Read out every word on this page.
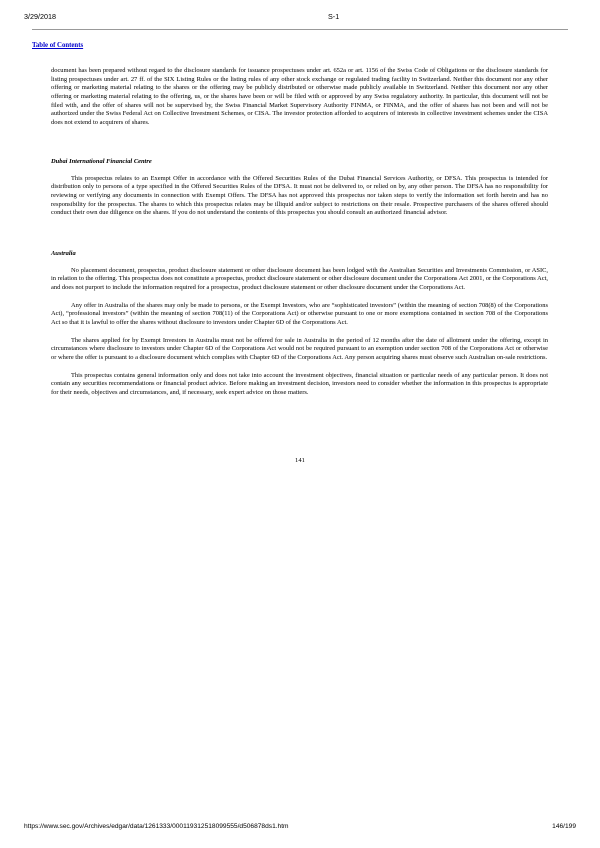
3/29/2018	S-1
Table of Contents

document has been prepared without regard to the disclosure standards for issuance prospectuses under art. 652a or art. 1156 of the Swiss Code of Obligations or the disclosure standards for listing prospectuses under art. 27 ff. of the SIX Listing Rules or the listing rules of any other stock exchange or regulated trading facility in Switzerland. Neither this document nor any other offering or marketing material relating to the shares or the offering may be publicly distributed or otherwise made publicly available in Switzerland. Neither this document nor any other offering or marketing material relating to the offering, us, or the shares have been or will be filed with or approved by any Swiss regulatory authority. In particular, this document will not be filed with, and the offer of shares will not be supervised by, the Swiss Financial Market Supervisory Authority FINMA, or FINMA, and the offer of shares has not been and will not be authorized under the Swiss Federal Act on Collective Investment Schemes, or CISA. The investor protection afforded to acquirers of interests in collective investment schemes under the CISA does not extend to acquirers of shares.

Dubai International Financial Centre

This prospectus relates to an Exempt Offer in accordance with the Offered Securities Rules of the Dubai Financial Services Authority, or DFSA. This prospectus is intended for distribution only to persons of a type specified in the Offered Securities Rules of the DFSA. It must not be delivered to, or relied on by, any other person. The DFSA has no responsibility for reviewing or verifying any documents in connection with Exempt Offers. The DFSA has not approved this prospectus nor taken steps to verify the information set forth herein and has no responsibility for the prospectus. The shares to which this prospectus relates may be illiquid and/or subject to restrictions on their resale. Prospective purchasers of the shares offered should conduct their own due diligence on the shares. If you do not understand the contents of this prospectus you should consult an authorized financial advisor.

Australia

No placement document, prospectus, product disclosure statement or other disclosure document has been lodged with the Australian Securities and Investments Commission, or ASIC, in relation to the offering. This prospectus does not constitute a prospectus, product disclosure statement or other disclosure document under the Corporations Act 2001, or the Corporations Act, and does not purport to include the information required for a prospectus, product disclosure statement or other disclosure document under the Corporations Act.

Any offer in Australia of the shares may only be made to persons, or the Exempt Investors, who are “sophisticated investors” (within the meaning of section 708(8) of the Corporations Act), “professional investors” (within the meaning of section 708(11) of the Corporations Act) or otherwise pursuant to one or more exemptions contained in section 708 of the Corporations Act so that it is lawful to offer the shares without disclosure to investors under Chapter 6D of the Corporations Act.

The shares applied for by Exempt Investors in Australia must not be offered for sale in Australia in the period of 12 months after the date of allotment under the offering, except in circumstances where disclosure to investors under Chapter 6D of the Corporations Act would not be required pursuant to an exemption under section 708 of the Corporations Act or otherwise or where the offer is pursuant to a disclosure document which complies with Chapter 6D of the Corporations Act. Any person acquiring shares must observe such Australian on-sale restrictions.

This prospectus contains general information only and does not take into account the investment objectives, financial situation or particular needs of any particular person. It does not contain any securities recommendations or financial product advice. Before making an investment decision, investors need to consider whether the information in this prospectus is appropriate for their needs, objectives and circumstances, and, if necessary, seek expert advice on those matters.

141
https://www.sec.gov/Archives/edgar/data/1261333/000119312518099555/d506878ds1.htm	146/199
